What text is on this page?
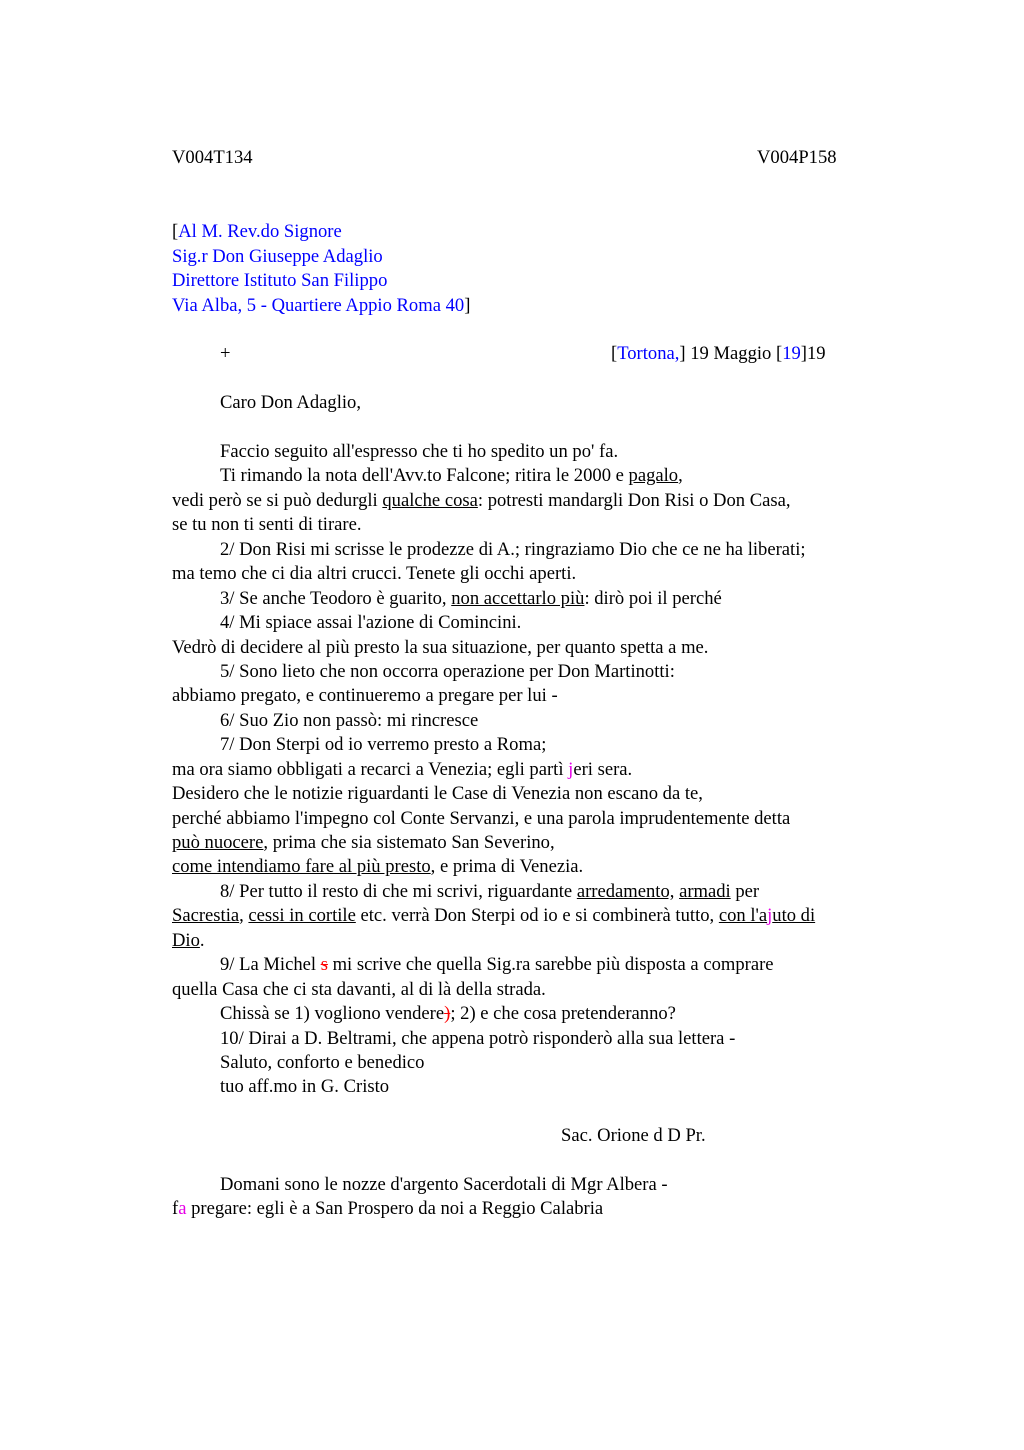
V004T134	V004P158
[Al M. Rev.do Signore
Sig.r Don Giuseppe Adaglio
Direttore Istituto San Filippo
Via Alba, 5 - Quartiere Appio Roma 40]
+	[Tortona,] 19 Maggio [19]19
Caro Don Adaglio,
Faccio seguito all'espresso che ti ho spedito un po' fa.
Ti rimando la nota dell'Avv.to Falcone; ritira le 2000 e pagalo,
vedi però se si può dedurgli qualche cosa: potresti mandargli Don Risi o Don Casa,
se tu non ti senti di tirare.
2/ Don Risi mi scrisse le prodezze di A.; ringraziamo Dio che ce ne ha liberati;
ma temo che ci dia altri crucci. Tenete gli occhi aperti.
3/ Se anche Teodoro è guarito, non accettarlo più: dirò poi il perché
4/ Mi spiace assai l'azione di Comincini.
Vedrò di decidere al più presto la sua situazione, per quanto spetta a me.
5/ Sono lieto che non occorra operazione per Don Martinotti:
abbiamo pregato, e continueremo a pregare per lui -
6/ Suo Zio non passò: mi rincresce
7/ Don Sterpi od io verremo presto a Roma;
ma ora siamo obbligati a recarci a Venezia; egli partì jeri sera.
Desidero che le notizie riguardanti le Case di Venezia non escano da te,
perché abbiamo l'impegno col Conte Servanzi, e una parola imprudentemente detta
può nuocere, prima che sia sistemato San Severino,
come intendiamo fare al più presto, e prima di Venezia.
8/ Per tutto il resto di che mi scrivi, riguardante arredamento, armadi per
Sacrestia, cessi in cortile etc. verrà Don Sterpi od io e si combinerà tutto, con l'ajuto di
Dio.
9/ La Michel s mi scrive che quella Sig.ra sarebbe più disposta a comprare
quella Casa che ci sta davanti, al di là della strada.
Chissà se 1) vogliono vendere); 2) e che cosa pretenderanno?
10/ Dirai a D. Beltrami, che appena potrò risponderò alla sua lettera -
Saluto, conforto e benedico
tuo aff.mo in G. Cristo
Sac. Orione d D Pr.
Domani sono le nozze d'argento Sacerdotali di Mgr Albera -
fa pregare: egli è a San Prospero da noi a Reggio Calabria
